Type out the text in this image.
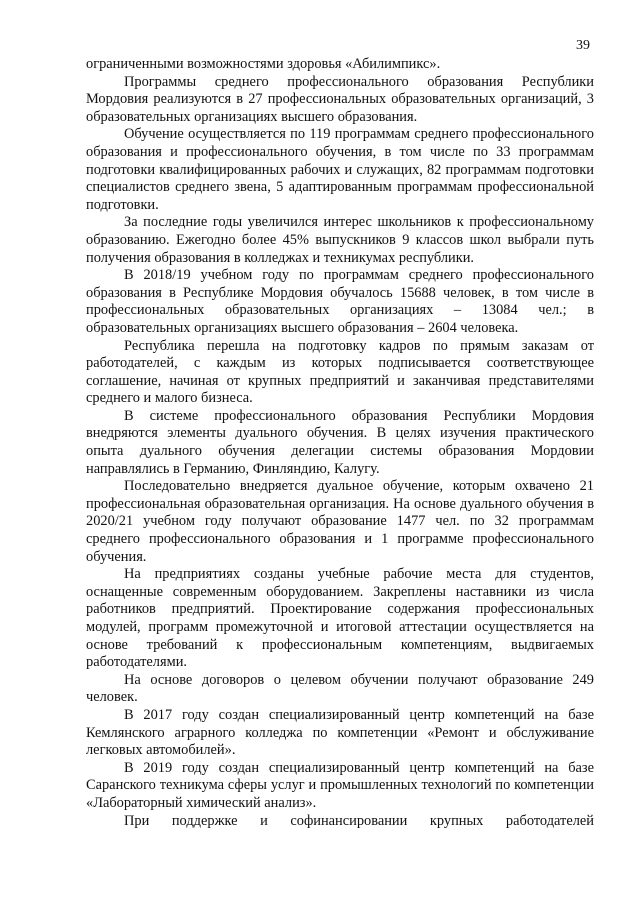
39

ограниченными возможностями здоровья «Абилимпикс».

Программы среднего профессионального образования Республики Мордовия реализуются в 27 профессиональных образовательных организаций, 3 образовательных организациях высшего образования.

Обучение осуществляется по 119 программам среднего профессионального образования и профессионального обучения, в том числе по 33 программам подготовки квалифицированных рабочих и служащих, 82 программам подготовки специалистов среднего звена, 5 адаптированным программам профессиональной подготовки.

За последние годы увеличился интерес школьников к профессиональному образованию. Ежегодно более 45% выпускников 9 классов школ выбрали путь получения образования в колледжах и техникумах республики.

В 2018/19 учебном году по программам среднего профессионального образования в Республике Мордовия обучалось 15688 человек, в том числе в профессиональных образовательных организациях – 13084 чел.; в образовательных организациях высшего образования – 2604 человека.

Республика перешла на подготовку кадров по прямым заказам от работодателей, с каждым из которых подписывается соответствующее соглашение, начиная от крупных предприятий и заканчивая представителями среднего и малого бизнеса.

В системе профессионального образования Республики Мордовия внедряются элементы дуального обучения. В целях изучения практического опыта дуального обучения делегации системы образования Мордовии направлялись в Германию, Финляндию, Калугу.

Последовательно внедряется дуальное обучение, которым охвачено 21 профессиональная образовательная организация. На основе дуального обучения в 2020/21 учебном году получают образование 1477 чел. по 32 программам среднего профессионального образования и 1 программе профессионального обучения.

На предприятиях созданы учебные рабочие места для студентов, оснащенные современным оборудованием. Закреплены наставники из числа работников предприятий. Проектирование содержания профессиональных модулей, программ промежуточной и итоговой аттестации осуществляется на основе требований к профессиональным компетенциям, выдвигаемых работодателями.

На основе договоров о целевом обучении получают образование 249 человек.

В 2017 году создан специализированный центр компетенций на базе Кемлянского аграрного колледжа по компетенции «Ремонт и обслуживание легковых автомобилей».

В 2019 году создан специализированный центр компетенций на базе Саранского техникума сферы услуг и промышленных технологий по компетенции «Лабораторный химический анализ».

При поддержке и софинансировании крупных работодателей
